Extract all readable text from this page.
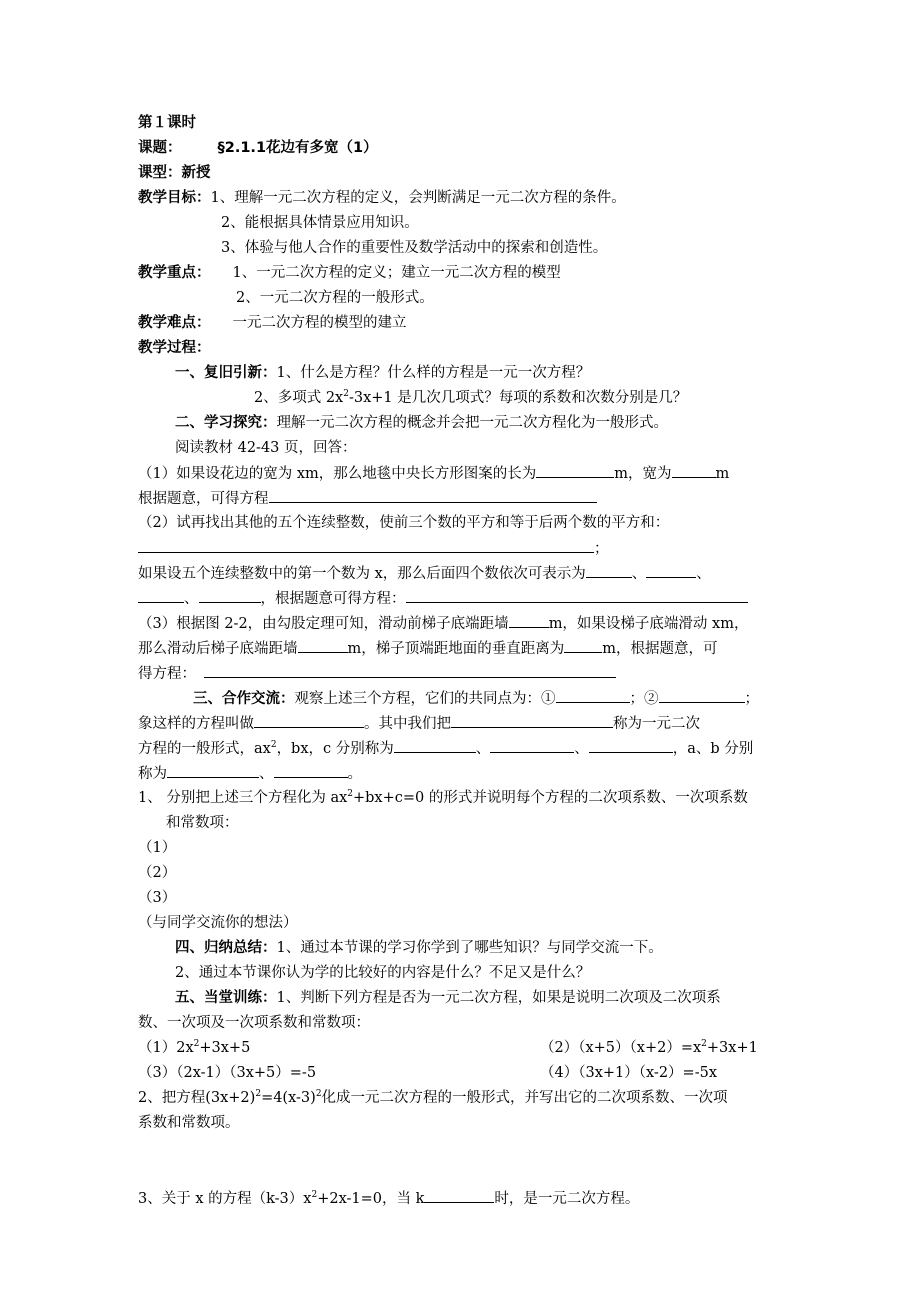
第１课时
课题： §2.1.1花边有多宽（1）
课型：新授
教学目标：1、理解一元二次方程的定义，会判断满足一元二次方程的条件。
2、能根据具体情景应用知识。
3、体验与他人合作的重要性及数学活动中的探索和创造性。
教学重点： 1、一元二次方程的定义；建立一元二次方程的模型
2、一元二次方程的一般形式。
教学难点： 一元二次方程的模型的建立
教学过程：
一、复旧引新：1、什么是方程？什么样的方程是一元一次方程？
2、多项式 $2x^2-3x+1$ 是几次几项式？每项的系数和次数分别是几？
二、学习探究：理解一元二次方程的概念并会把一元二次方程化为一般形式。
阅读教材 42-43 页，回答：
（1）如果设花边的宽为 xm，那么地毯中央长方形图案的长为	m，宽为	m
根据题意，可得方程
（2）试再找出其他的五个连续整数，使前三个数的平方和等于后两个数的平方和：
；
如果设五个连续整数中的第一个数为 x，那么后面四个数依次可表示为	、	、
、	，根据题意可得方程：
（3）根据图 2-2，由勾股定理可知，滑动前梯子底端距墙	m，如果设梯子底端滑动 xm，
那么滑动后梯子底端距墙	m，梯子顶端距地面的垂直距离为	m，根据题意，可
得方程：
三、合作交流：观察上述三个方程，它们的共同点为：①	；②	；
象这样的方程叫做	。其中我们把	称为一元二次
方程的一般形式，$ax^2$，bx，c 分别称为	、	、	，a、b 分别
称为	、	。
1、 分别把上述三个方程化为 $ax^2+bx+c=0$ 的形式并说明每个方程的二次项系数、一次项系数
和常数项：
（1）
（2）
（3）
（与同学交流你的想法）
四、归纳总结：1、通过本节课的学习你学到了哪些知识？与同学交流一下。
2、通过本节课你认为学的比较好的内容是什么？不足又是什么？
五、当堂训练：1、判断下列方程是否为一元二次方程，如果是说明二次项及二次项系
数、一次项及一次项系数和常数项：
$(1)2x^2+3x+5$	$(2)(x+5)(x+2)=x^2+3x+1$
（3）（2x-1）（3x+5）=-5	（4）（3x+1）（x-2）=-5x
2、把方程$(3x+2)^2=4(x-3)^2$化成一元二次方程的一般形式，并写出它的二次项系数、一次项
系数和常数项。
3、关于 x 的方程$(k-3)x^2+2x-1=0$，当 k	时，是一元二次方程。
